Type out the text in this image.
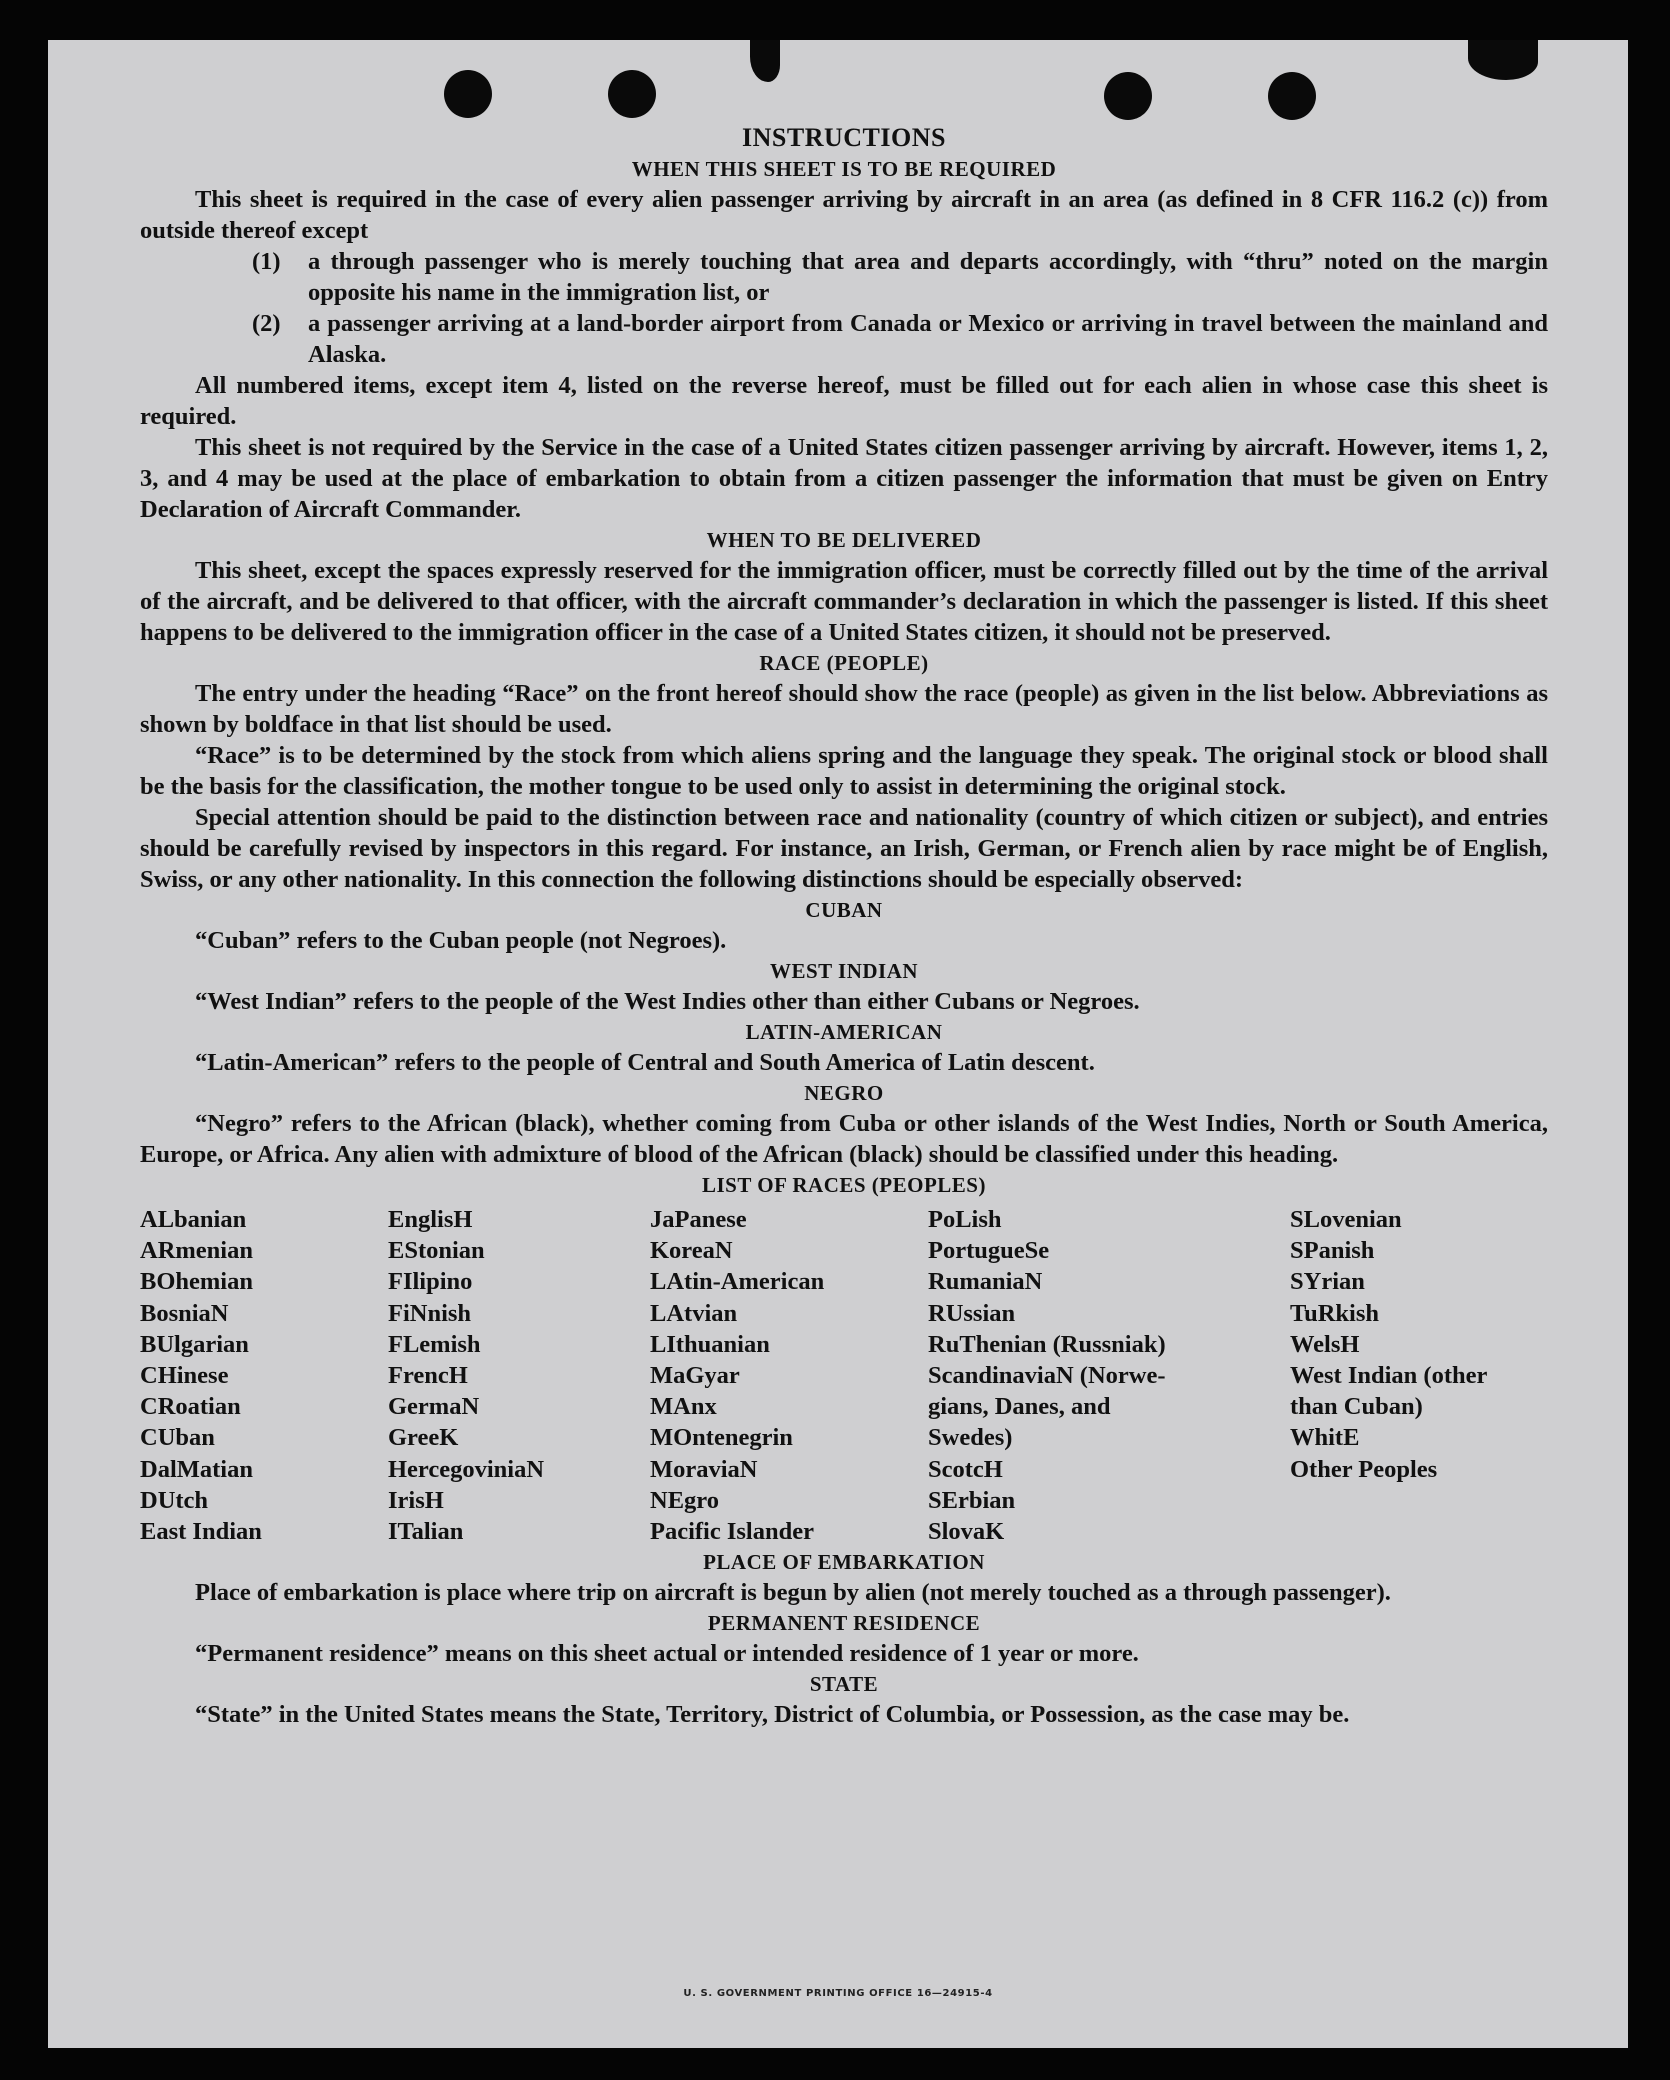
INSTRUCTIONS
WHEN THIS SHEET IS TO BE REQUIRED

This sheet is required in the case of every alien passenger arriving by aircraft in an area (as defined in 8 CFR 116.2 (c)) from outside thereof except

(1)	a through passenger who is merely touching that area and departs accordingly, with “thru” noted on the margin opposite his name in the immigration list, or
(2)	a passenger arriving at a land-border airport from Canada or Mexico or arriving in travel between the mainland and Alaska.

All numbered items, except item 4, listed on the reverse hereof, must be filled out for each alien in whose case this sheet is required.

This sheet is not required by the Service in the case of a United States citizen passenger arriving by aircraft. However, items 1, 2, 3, and 4 may be used at the place of embarkation to obtain from a citizen passenger the information that must be given on Entry Declaration of Aircraft Commander.

WHEN TO BE DELIVERED

This sheet, except the spaces expressly reserved for the immigration officer, must be correctly filled out by the time of the arrival of the aircraft, and be delivered to that officer, with the aircraft commander’s declaration in which the passenger is listed. If this sheet happens to be delivered to the immigration officer in the case of a United States citizen, it should not be preserved.

RACE (PEOPLE)

The entry under the heading “Race” on the front hereof should show the race (people) as given in the list below. Abbreviations as shown by boldface in that list should be used.

“Race” is to be determined by the stock from which aliens spring and the language they speak. The original stock or blood shall be the basis for the classification, the mother tongue to be used only to assist in determining the original stock.

Special attention should be paid to the distinction between race and nationality (country of which citizen or subject), and entries should be carefully revised by inspectors in this regard. For instance, an Irish, German, or French alien by race might be of English, Swiss, or any other nationality. In this connection the following distinctions should be especially observed:

CUBAN

“Cuban” refers to the Cuban people (not Negroes).

WEST INDIAN

“West Indian” refers to the people of the West Indies other than either Cubans or Negroes.

LATIN-AMERICAN

“Latin-American” refers to the people of Central and South America of Latin descent.

NEGRO

“Negro” refers to the African (black), whether coming from Cuba or other islands of the West Indies, North or South America, Europe, or Africa. Any alien with admixture of blood of the African (black) should be classified under this heading.

LIST OF RACES (PEOPLES)
ALbanian	EnglisH	JaPanese	PoLish	SLovenian
ARmenian	EStonian	KoreaN	PortugueSe	SPanish
BOhemian	FIlipino	LAtin-American	RumaniaN	SYrian
BosniaN	FiNnish	LAtvian	RUssian	TuRkish
BUlgarian	FLemish	LIthuanian	RuThenian (Russniak)	WelsH
CHinese	FrencH	MaGyar	ScandinaviaN (Norwe-	West Indian (other
CRoatian	GermaN	MAnx	gians, Danes, and	than Cuban)
CUban	GreeK	MOntenegrin	Swedes)	WhitE
DalMatian	HercegoviniaN	MoraviaN	ScotcH	Other Peoples
DUtch	IrisH	NEgro	SErbian
East Indian	ITalian	Pacific Islander	SlovaK
PLACE OF EMBARKATION

Place of embarkation is place where trip on aircraft is begun by alien (not merely touched as a through passenger).

PERMANENT RESIDENCE

“Permanent residence” means on this sheet actual or intended residence of 1 year or more.

STATE

“State” in the United States means the State, Territory, District of Columbia, or Possession, as the case may be.

U. S. GOVERNMENT PRINTING OFFICE 16—24915-4
